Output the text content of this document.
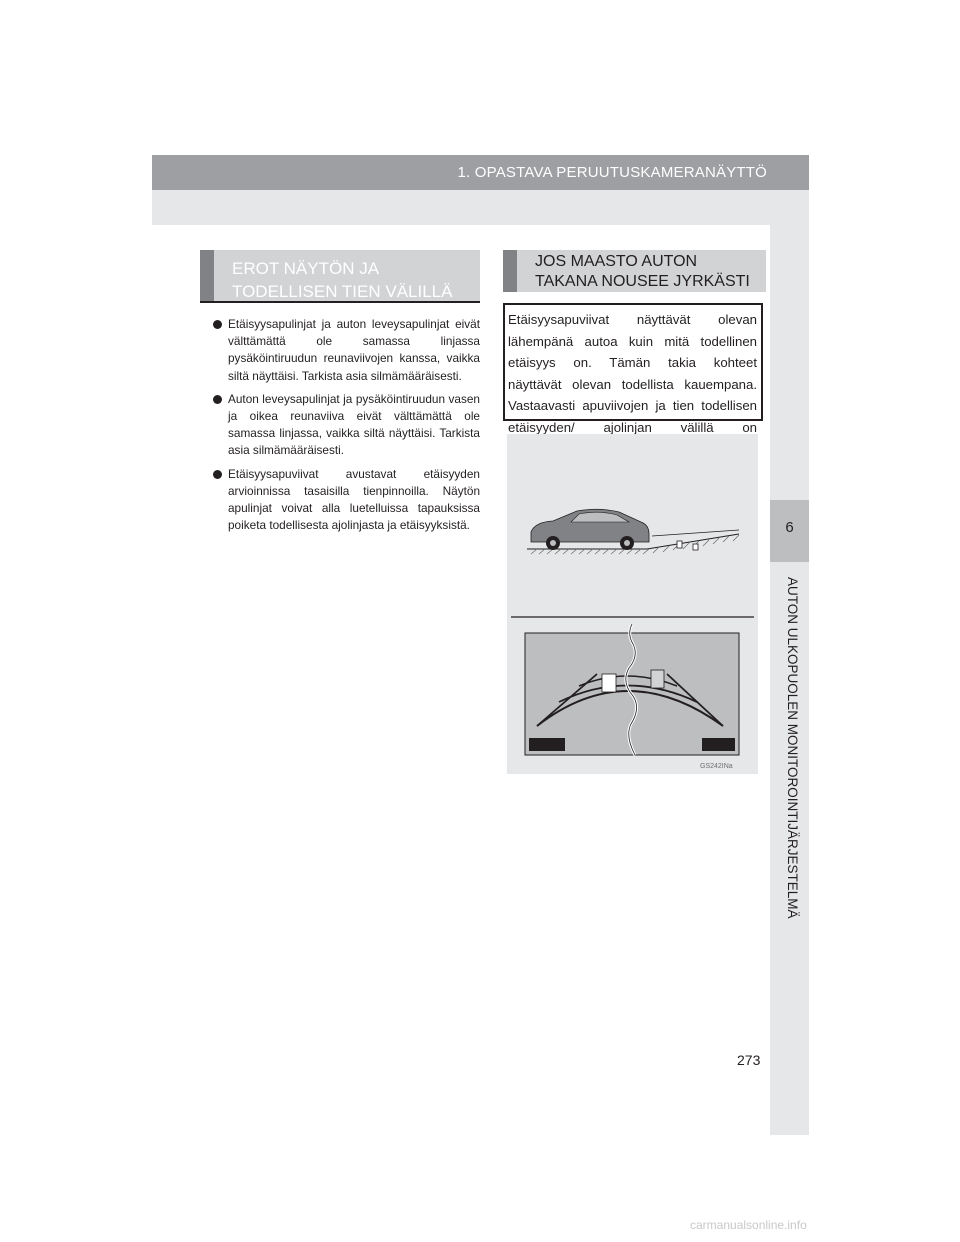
1. OPASTAVA PERUUTUSKAMERANÄYTTÖ
6
AUTON ULKOPUOLEN MONITOROINTIJÄRJESTELMÄ
EROT NÄYTÖN JA
TODELLISEN TIEN VÄLILLÄ
Etäisyysapulinjat ja auton leveysapulinjat eivät välttämättä ole samassa linjassa pysäköintiruudun reunaviivojen kanssa, vaikka siltä näyttäisi. Tarkista asia silmämääräisesti.
Auton leveysapulinjat ja pysäköintiruudun vasen ja oikea reunaviiva eivät välttämättä ole samassa linjassa, vaikka siltä näyttäisi. Tarkista asia silmämääräisesti.
Etäisyysapuviivat avustavat etäisyyden arvioinnissa tasaisilla tienpinnoilla. Näytön apulinjat voivat alla luetelluissa tapauksissa poiketa todellisesta ajolinjasta ja etäisyyksistä.
JOS MAASTO AUTON
TAKANA NOUSEE JYRKÄSTI
Etäisyysapuviivat näyttävät olevan lähempänä autoa kuin mitä todellinen etäisyys on. Tämän takia kohteet näyttävät olevan todellista kauempana. Vastaavasti apuviivojen ja tien todellisen etäisyyden/ ajolinjan välillä on
GS242INa
273
carmanualsonline.info
